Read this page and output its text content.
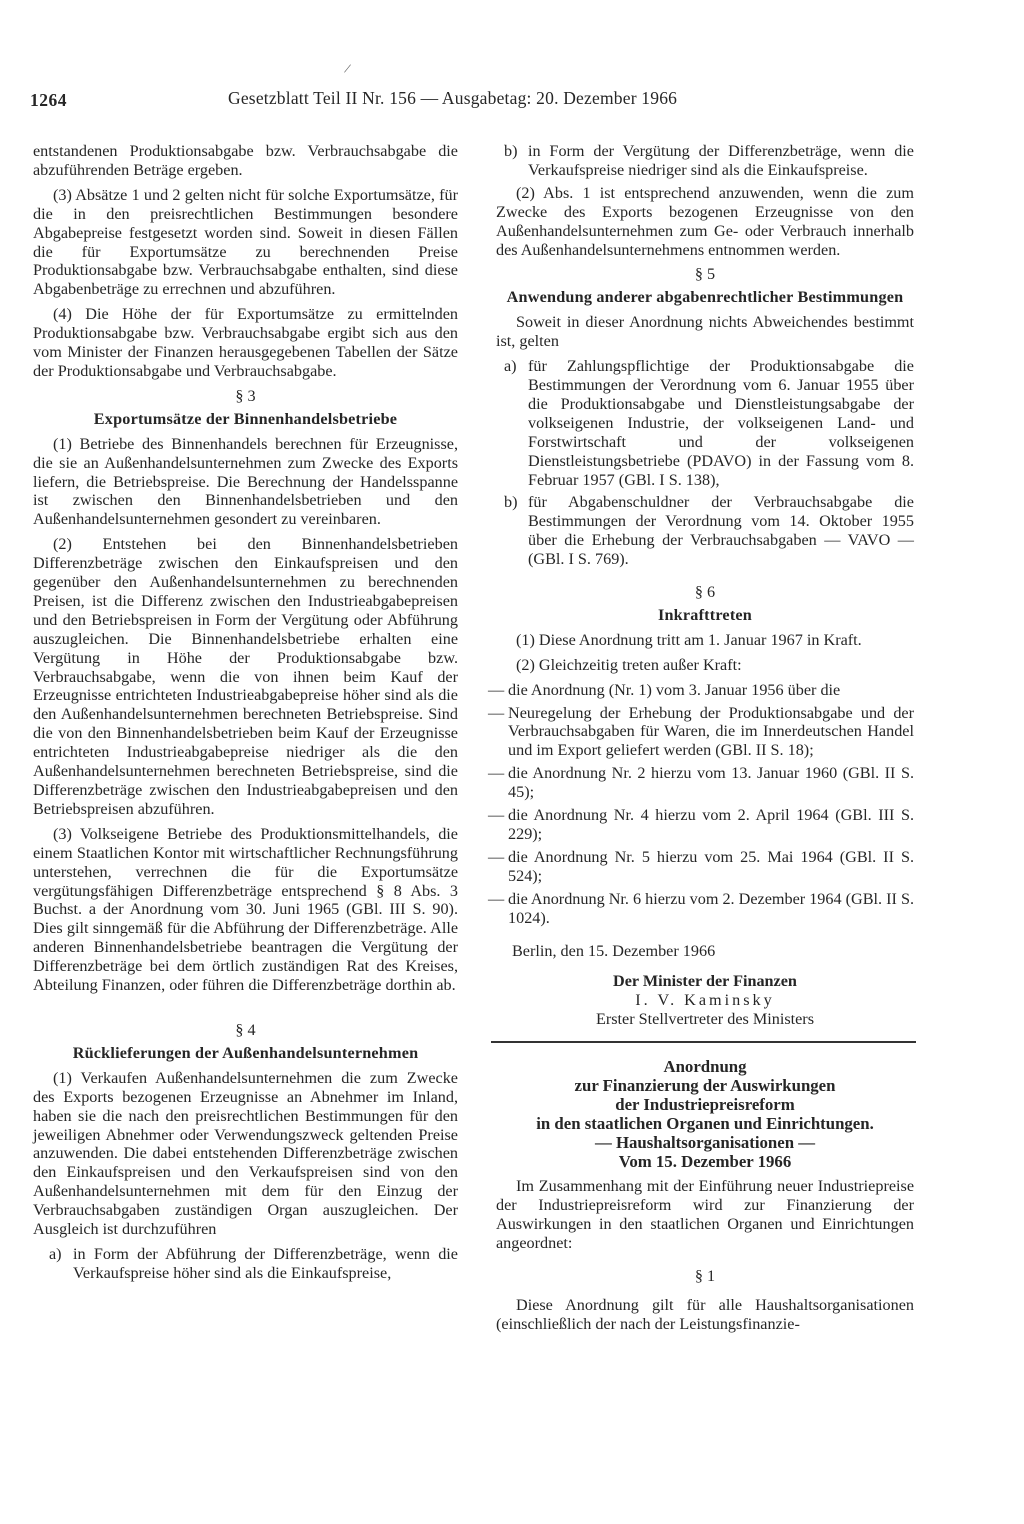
/
1264	Gesetzblatt Teil II Nr. 156 — Ausgabetag: 20. Dezember 1966

entstandenen Produktionsabgabe bzw. Verbrauchsabgabe die abzuführenden Beträge ergeben.

(3) Absätze 1 und 2 gelten nicht für solche Exportumsätze, für die in den preisrechtlichen Bestimmungen besondere Abgabepreise festgesetzt worden sind. Soweit in diesen Fällen die für Exportumsätze zu berechnenden Preise Produktionsabgabe bzw. Verbrauchsabgabe enthalten, sind diese Abgabenbeträge zu errechnen und abzuführen.

(4) Die Höhe der für Exportumsätze zu ermittelnden Produktionsabgabe bzw. Verbrauchsabgabe ergibt sich aus den vom Minister der Finanzen herausgegebenen Tabellen der Sätze der Produktionsabgabe und Verbrauchsabgabe.

§ 3
Exportumsätze der Binnenhandelsbetriebe

(1) Betriebe des Binnenhandels berechnen für Erzeugnisse, die sie an Außenhandelsunternehmen zum Zwecke des Exports liefern, die Betriebspreise. Die Berechnung der Handelsspanne ist zwischen den Binnenhandelsbetrieben und den Außenhandelsunternehmen gesondert zu vereinbaren.

(2) Entstehen bei den Binnenhandelsbetrieben Differenzbeträge zwischen den Einkaufspreisen und den gegenüber den Außenhandelsunternehmen zu berechnenden Preisen, ist die Differenz zwischen den Industrieabgabepreisen und den Betriebspreisen in Form der Vergütung oder Abführung auszugleichen. Die Binnenhandelsbetriebe erhalten eine Vergütung in Höhe der Produktionsabgabe bzw. Verbrauchsabgabe, wenn die von ihnen beim Kauf der Erzeugnisse entrichteten Industrieabgabepreise höher sind als die den Außenhandelsunternehmen berechneten Betriebspreise. Sind die von den Binnenhandelsbetrieben beim Kauf der Erzeugnisse entrichteten Industrieabgabepreise niedriger als die den Außenhandelsunternehmen berechneten Betriebspreise, sind die Differenzbeträge zwischen den Industrieabgabepreisen und den Betriebspreisen abzuführen.

(3) Volkseigene Betriebe des Produktionsmittelhandels, die einem Staatlichen Kontor mit wirtschaftlicher Rechnungsführung unterstehen, verrechnen die für die Exportumsätze vergütungsfähigen Differenzbeträge entsprechend § 8 Abs. 3 Buchst. a der Anordnung vom 30. Juni 1965 (GBl. III S. 90). Dies gilt sinngemäß für die Abführung der Differenzbeträge. Alle anderen Binnenhandelsbetriebe beantragen die Vergütung der Differenzbeträge bei dem örtlich zuständigen Rat des Kreises, Abteilung Finanzen, oder führen die Differenzbeträge dorthin ab.

§ 4
Rücklieferungen der Außenhandelsunternehmen

(1) Verkaufen Außenhandelsunternehmen die zum Zwecke des Exports bezogenen Erzeugnisse an Abnehmer im Inland, haben sie die nach den preisrechtlichen Bestimmungen für den jeweiligen Abnehmer oder Verwendungszweck geltenden Preise anzuwenden. Die dabei entstehenden Differenzbeträge zwischen den Einkaufspreisen und den Verkaufspreisen sind von den Außenhandelsunternehmen mit dem für den Einzug der Verbrauchsabgaben zuständigen Organ auszugleichen. Der Ausgleich ist durchzuführen

a) in Form der Abführung der Differenzbeträge, wenn die Verkaufspreise höher sind als die Einkaufspreise,
b) in Form der Vergütung der Differenzbeträge, wenn die Verkaufspreise niedriger sind als die Einkaufspreise.

(2) Abs. 1 ist entsprechend anzuwenden, wenn die zum Zwecke des Exports bezogenen Erzeugnisse von den Außenhandelsunternehmen zum Ge- oder Verbrauch innerhalb des Außenhandelsunternehmens entnommen werden.

§ 5
Anwendung anderer abgabenrechtlicher Bestimmungen

Soweit in dieser Anordnung nichts Abweichendes bestimmt ist, gelten

a) für Zahlungspflichtige der Produktionsabgabe die Bestimmungen der Verordnung vom 6. Januar 1955 über die Produktionsabgabe und Dienstleistungsabgabe der volkseigenen Industrie, der volkseigenen Land- und Forstwirtschaft und der volkseigenen Dienstleistungsbetriebe (PDAVO) in der Fassung vom 8. Februar 1957 (GBl. I S. 138),
b) für Abgabenschuldner der Verbrauchsabgabe die Bestimmungen der Verordnung vom 14. Oktober 1955 über die Erhebung der Verbrauchsabgaben — VAVO — (GBl. I S. 769).
§ 6
Inkrafttreten

(1) Diese Anordnung tritt am 1. Januar 1967 in Kraft.

(2) Gleichzeitig treten außer Kraft:

— die Anordnung (Nr. 1) vom 3. Januar 1956 über die
— Neuregelung der Erhebung der Produktionsabgabe und der Verbrauchsabgaben für Waren, die im Innerdeutschen Handel und im Export geliefert werden (GBl. II S. 18);
— die Anordnung Nr. 2 hierzu vom 13. Januar 1960 (GBl. II S. 45);
— die Anordnung Nr. 4 hierzu vom 2. April 1964 (GBl. III S. 229);
— die Anordnung Nr. 5 hierzu vom 25. Mai 1964 (GBl. II S. 524);
— die Anordnung Nr. 6 hierzu vom 2. Dezember 1964 (GBl. II S. 1024).
Berlin, den 15. Dezember 1966

Der Minister der Finanzen

I. V. Kaminsky

Erster Stellvertreter des Ministers

Anordnung

zur Finanzierung der Auswirkungen

der Industriepreisreform

in den staatlichen Organen und Einrichtungen.

— Haushaltsorganisationen —

Vom 15. Dezember 1966

Im Zusammenhang mit der Einführung neuer Industriepreise der Industriepreisreform wird zur Finanzierung der Auswirkungen in den staatlichen Organen und Einrichtungen angeordnet:

§ 1

Diese Anordnung gilt für alle Haushaltsorganisationen (einschließlich der nach der Leistungsfinanzie-
